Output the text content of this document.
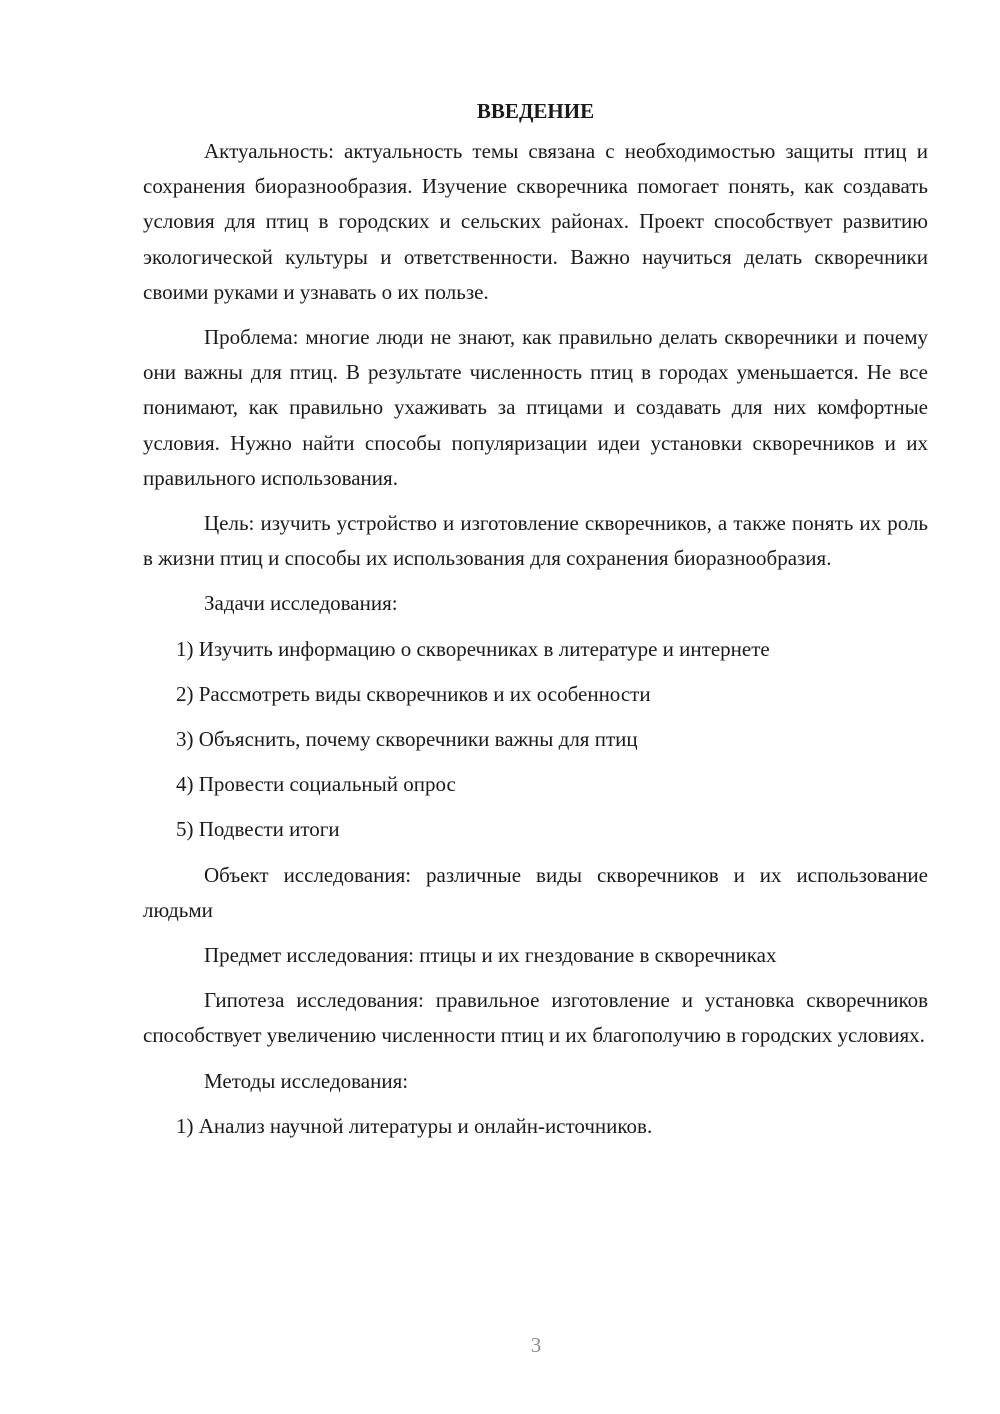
ВВЕДЕНИЕ

Актуальность: актуальность темы связана с необходимостью защиты птиц и сохранения биоразнообразия. Изучение скворечника помогает понять, как создавать условия для птиц в городских и сельских районах. Проект способствует развитию экологической культуры и ответственности. Важно научиться делать скворечники своими руками и узнавать о их пользе.

Проблема: многие люди не знают, как правильно делать скворечники и почему они важны для птиц. В результате численность птиц в городах уменьшается. Не все понимают, как правильно ухаживать за птицами и создавать для них комфортные условия. Нужно найти способы популяризации идеи установки скворечников и их правильного использования.

Цель: изучить устройство и изготовление скворечников, а также понять их роль в жизни птиц и способы их использования для сохранения биоразнообразия.

Задачи исследования:

1) Изучить информацию о скворечниках в литературе и интернете

2) Рассмотреть виды скворечников и их особенности

3) Объяснить, почему скворечники важны для птиц

4) Провести социальный опрос

5) Подвести итоги

Объект исследования: различные виды скворечников и их использование людьми

Предмет исследования: птицы и их гнездование в скворечниках

Гипотеза исследования: правильное изготовление и установка скворечников способствует увеличению численности птиц и их благополучию в городских условиях.

Методы исследования:

1) Анализ научной литературы и онлайн-источников.

3
